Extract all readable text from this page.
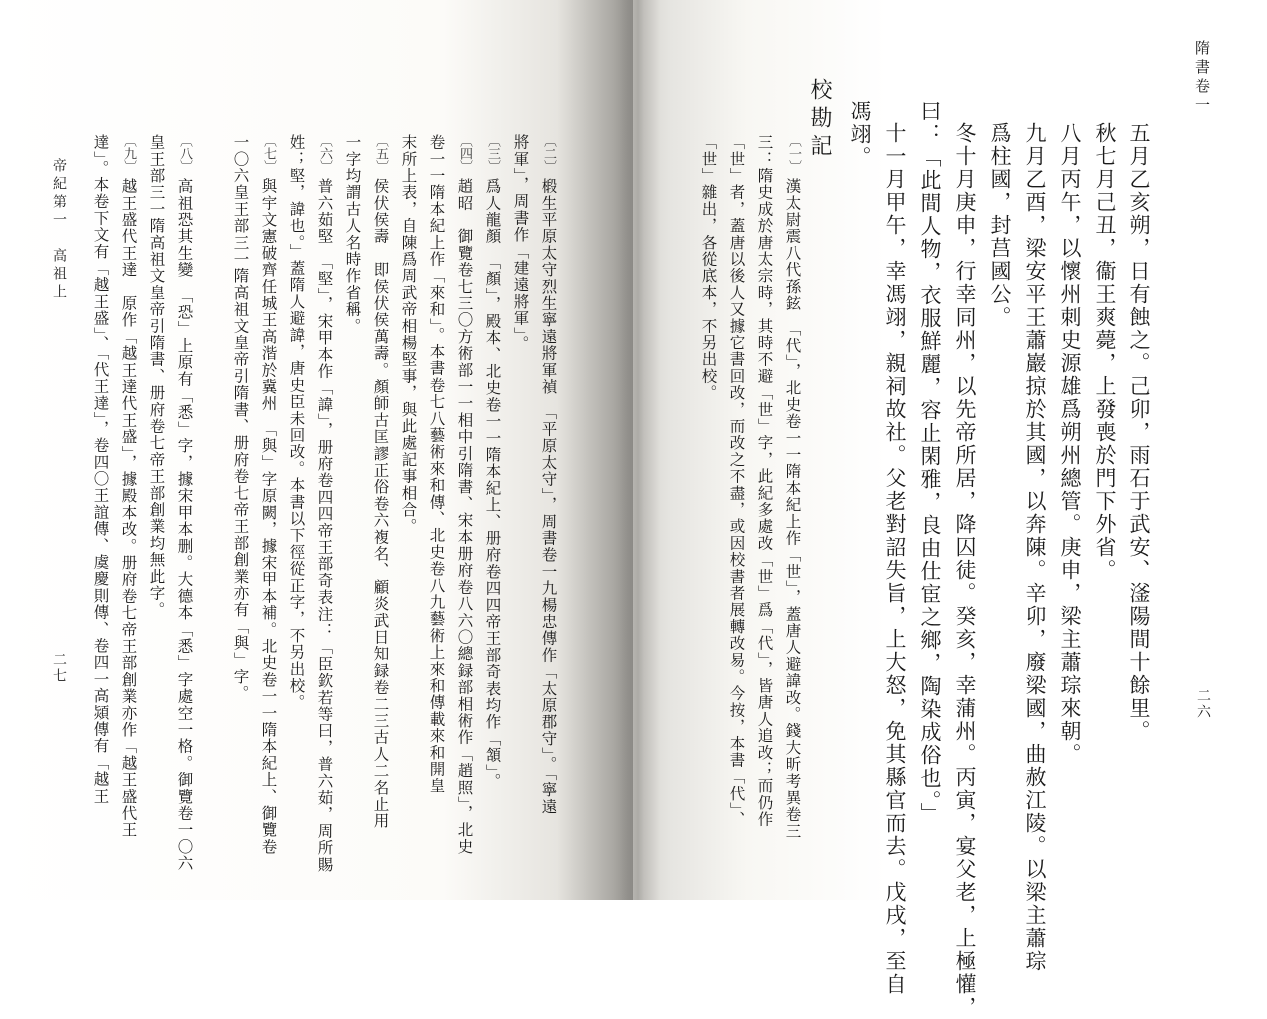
隋書卷一
二六
五月乙亥朔，日有蝕之。己卯，雨石于武安、滏陽間十餘里。
秋七月己丑，衞王爽薨，上發喪於門下外省。
八月丙午，以懷州刺史源雄爲朔州總管。庚申，梁主蕭琮來朝。
九月乙酉，梁安平王蕭巖掠於其國，以奔陳。辛卯，廢梁國，曲赦江陵。以梁主蕭琮
爲柱國，封莒國公。
冬十月庚申，行幸同州，以先帝所居，降囚徒。癸亥，幸蒲州。丙寅，宴父老，上極懽，
曰：「此間人物，衣服鮮麗，容止閑雅，良由仕宦之鄉，陶染成俗也。」
十一月甲午，幸馮翊，親祠故社。父老對詔失旨，上大怒，免其縣官而去。戊戌，至自
馮翊。
校勘記
〔一〕
漢太尉震八代孫鉉　「代」，北史卷一一隋本紀上作「世」，蓋唐人避諱改。錢大昕考異卷三
三：隋史成於唐太宗時，其時不避「世」字，此紀多處改「世」爲「代」，皆唐人追改；而仍作
「世」者，蓋唐以後人又據它書回改，而改之不盡，或因校書者展轉改易。今按，本書「代」、
「世」雜出，各從底本，不另出校。
帝紀第一　高祖上
二七
〔二〕
椴生平原太守烈生寧遠將軍禎　「平原太守」，周書卷一九楊忠傳作「太原郡守」。「寧遠
將軍」，周書作「建遠將軍」。
〔三〕
爲人龍顏　「顏」，殿本、北史卷一一隋本紀上、册府卷四四帝王部奇表均作「頷」。
〔四〕
趙昭　御覽卷七三〇方術部一一相中引隋書、宋本册府卷八六〇總録部相術作「趙照」，北史
卷一一隋本紀上作「來和」。本書卷七八藝術來和傳、北史卷八九藝術上來和傳載來和開皇
末所上表，自陳爲周武帝相楊堅事，與此處記事相合。
〔五〕
侯伏侯壽　即侯伏侯萬壽。顏師古匡謬正俗卷六複名、顧炎武日知録卷二三古人二名止用
一字均謂古人名時作省稱。
〔六〕
普六茹堅　「堅」，宋甲本作「諱」，册府卷四四帝王部奇表注：「臣欽若等曰，普六茹，周所賜
姓；堅，諱也。」蓋隋人避諱，唐史臣未回改。本書以下徑從正字，不另出校。
〔七〕
與宇文憲破齊任城王高湝於冀州　「與」字原闕，據宋甲本補。北史卷一一隋本紀上、御覽卷
一〇六皇王部三一隋高祖文皇帝引隋書、册府卷七帝王部創業亦有「與」字。
〔八〕
高祖恐其生變　「恐」上原有「悉」字，據宋甲本删。大德本「悉」字處空一格。御覽卷一〇六
皇王部三一隋高祖文皇帝引隋書、册府卷七帝王部創業均無此字。
〔九〕
越王盛代王達　原作「越王達代王盛」，據殿本改。册府卷七帝王部創業亦作「越王盛代王
達」。本卷下文有「越王盛」、「代王達」，卷四〇王誼傳、虞慶則傳、卷四一高熲傳有「越王
